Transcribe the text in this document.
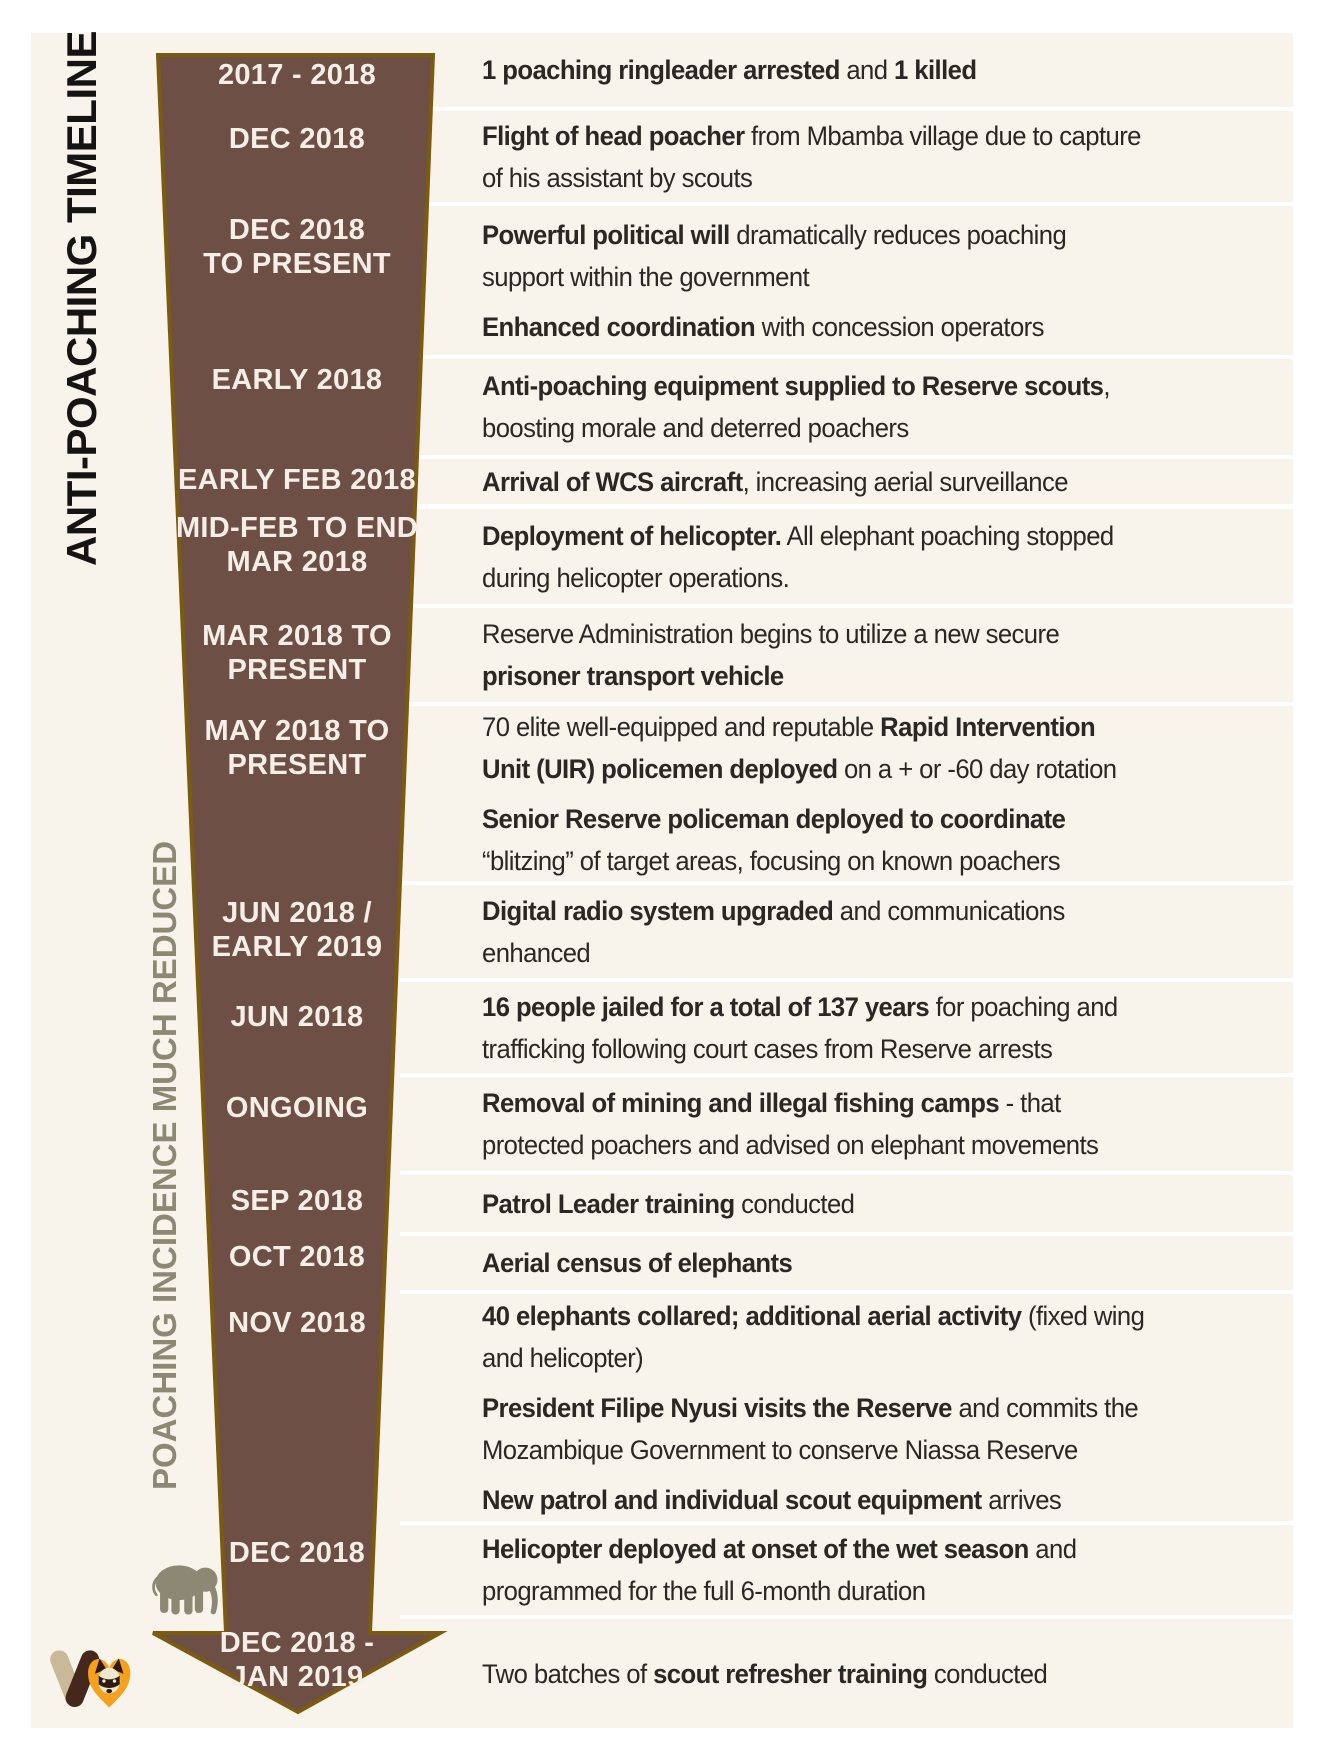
1 poaching ringleader arrested and 1 killed

Flight of head poacher from Mbamba village due to capture
of his assistant by scouts

Powerful political will dramatically reduces poaching
support within the government

Enhanced coordination with concession operators

Anti-poaching equipment supplied to Reserve scouts,
boosting morale and deterred poachers

Arrival of WCS aircraft, increasing aerial surveillance

Deployment of helicopter. All elephant poaching stopped
during helicopter operations.

Reserve Administration begins to utilize a new secure
prisoner transport vehicle

70 elite well-equipped and reputable Rapid Intervention
Unit (UIR) policemen deployed on a + or -60 day rotation

Senior Reserve policeman deployed to coordinate
“blitzing” of target areas, focusing on known poachers

Digital radio system upgraded and communications
enhanced

16 people jailed for a total of 137 years for poaching and
trafficking following court cases from Reserve arrests

Removal of mining and illegal fishing camps - that
protected poachers and advised on elephant movements

Patrol Leader training conducted

Aerial census of elephants

40 elephants collared; additional aerial activity (fixed wing
and helicopter)

President Filipe Nyusi visits the Reserve and commits the
Mozambique Government to conserve Niassa Reserve

New patrol and individual scout equipment arrives

Helicopter deployed at onset of the wet season and
programmed for the full 6-month duration

Two batches of scout refresher training conducted

2017 - 2018
DEC 2018
DEC 2018
TO PRESENT
EARLY 2018
EARLY FEB 2018
MID-FEB TO END
MAR 2018
MAR 2018 TO
PRESENT
MAY 2018 TO
PRESENT
JUN 2018 /
EARLY 2019
JUN 2018
ONGOING
SEP 2018
OCT 2018
NOV 2018
DEC 2018
DEC 2018 -
JAN 2019
ANTI-POACHING TIMELINE
POACHING INCIDENCE MUCH REDUCED
